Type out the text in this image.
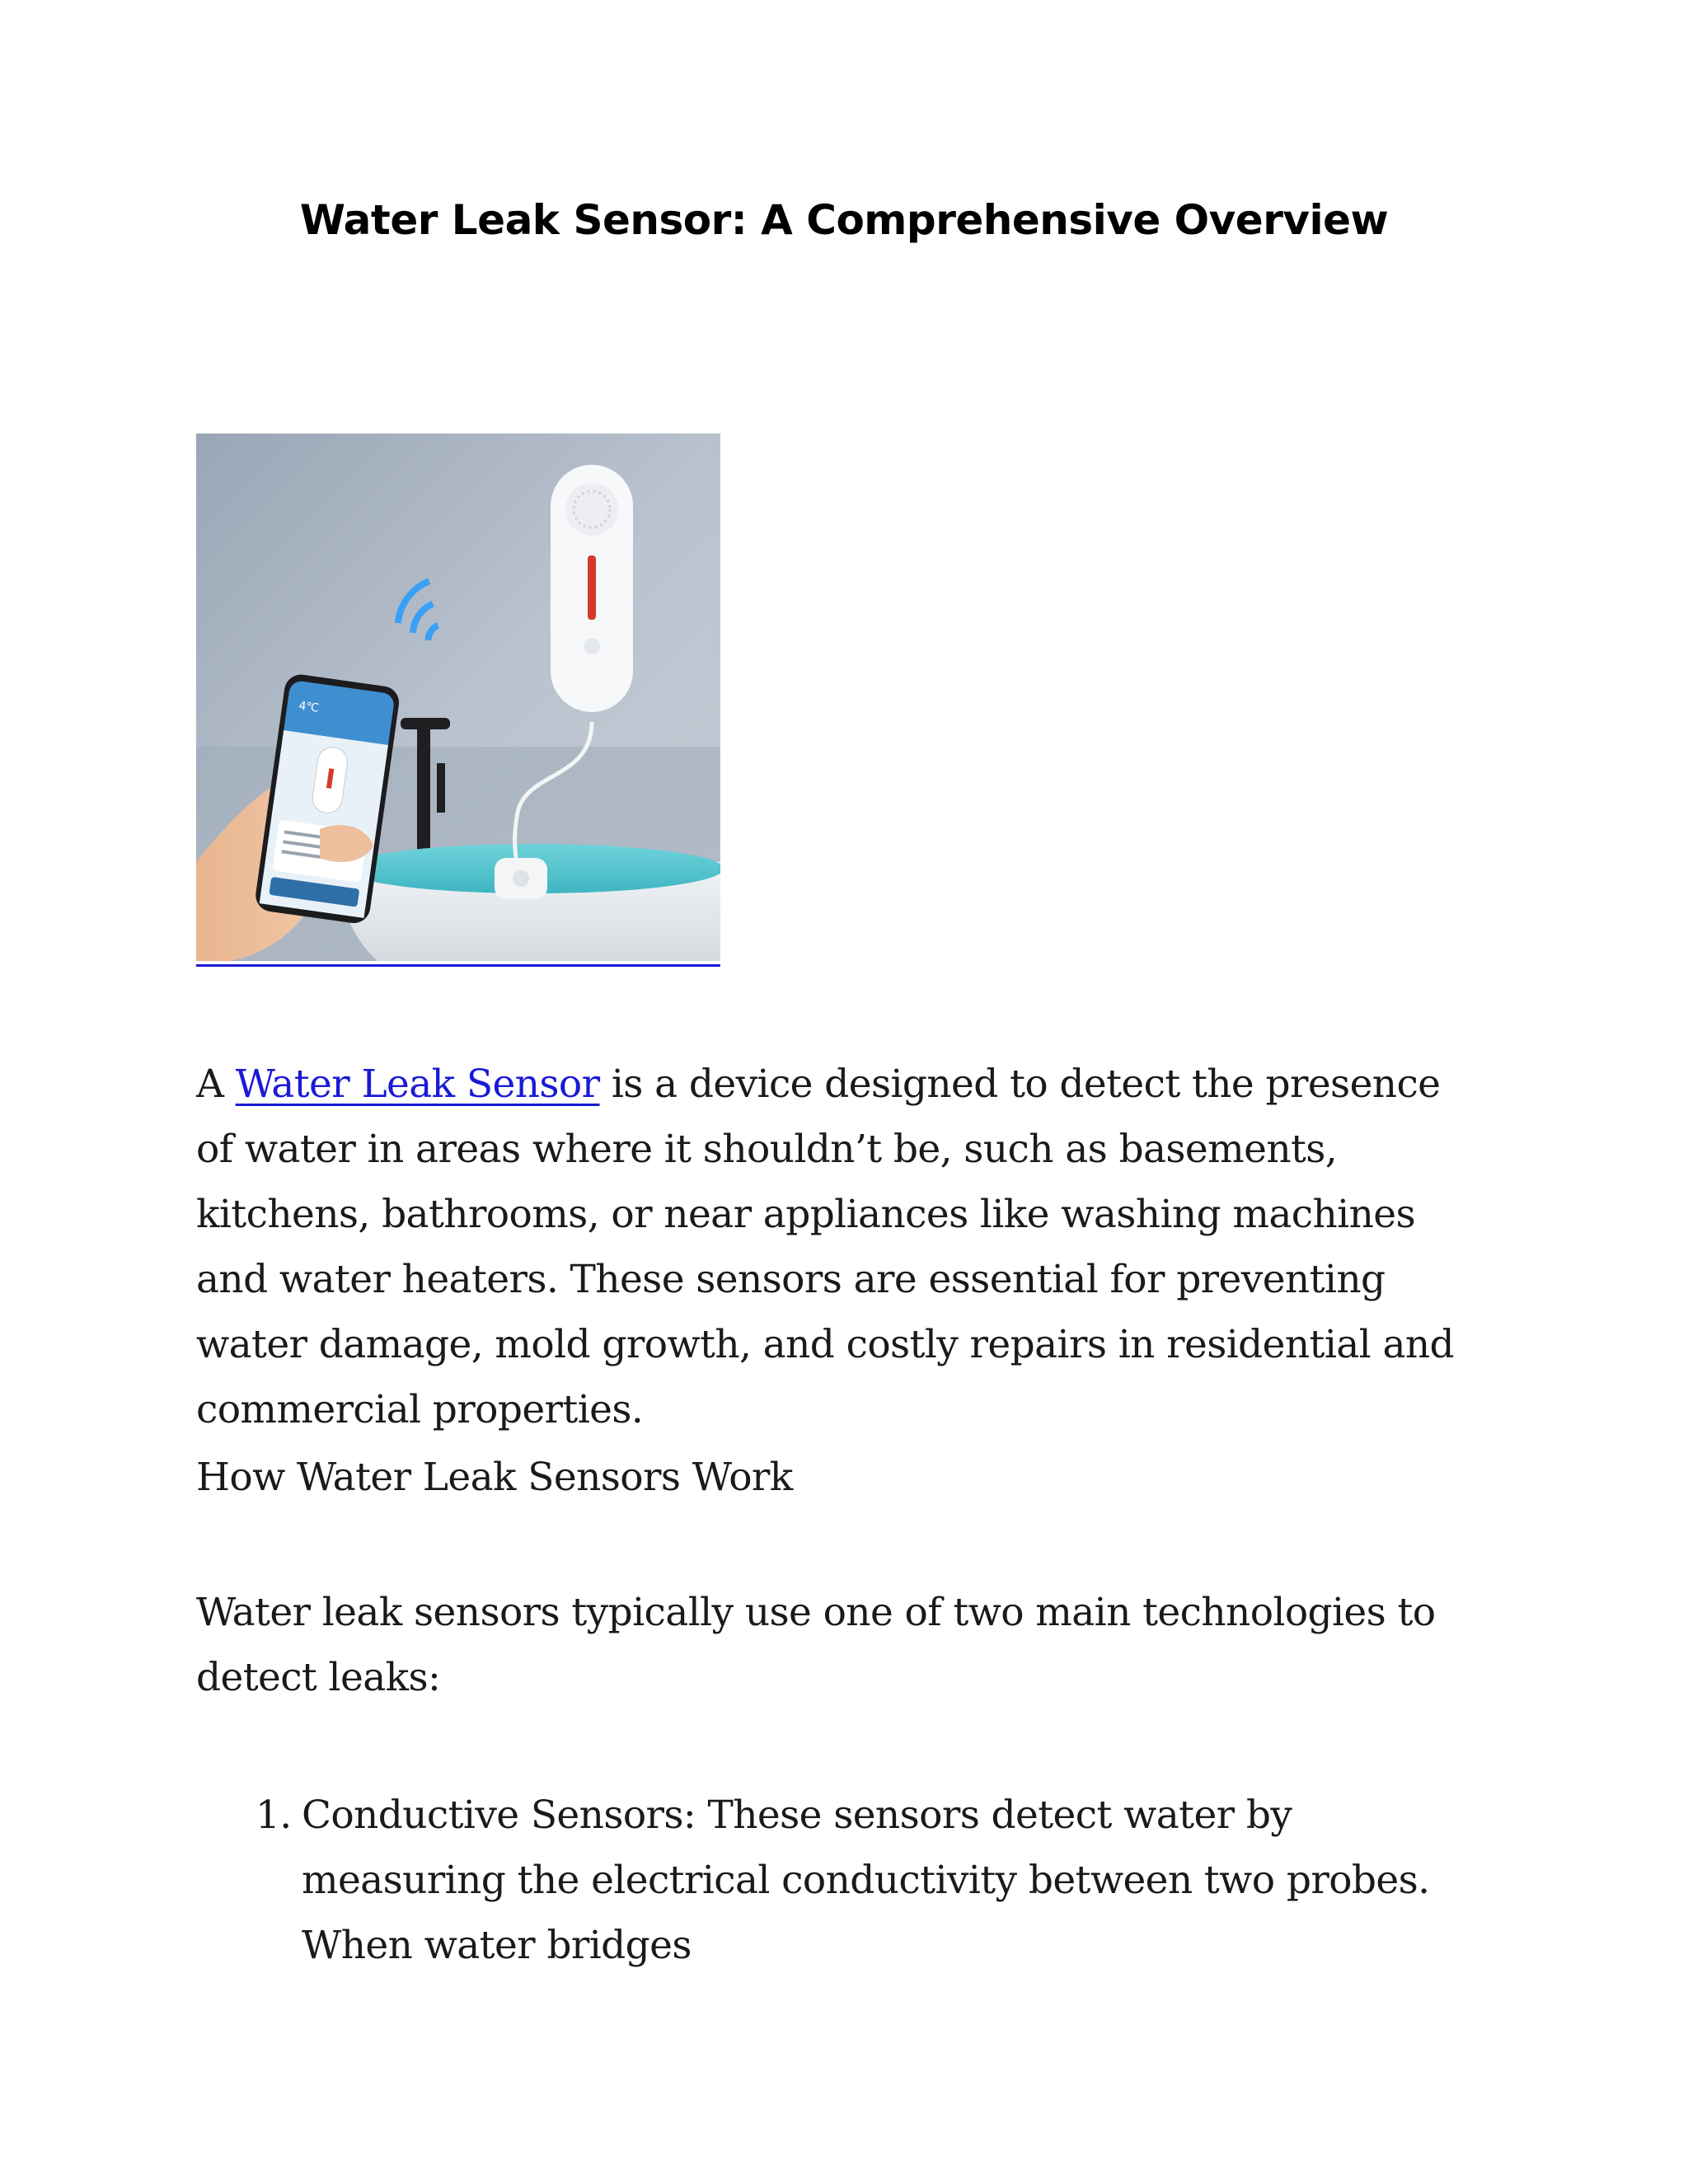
Water Leak Sensor: A Comprehensive Overview
4℃

A Water Leak Sensor is a device designed to detect the presence of water in areas where it shouldn’t be, such as basements, kitchens, bathrooms, or near appliances like washing machines and water heaters. These sensors are essential for preventing water damage, mold growth, and costly repairs in residential and commercial properties.

How Water Leak Sensors Work

Water leak sensors typically use one of two main technologies to detect leaks:

1. Conductive Sensors: These sensors detect water by measuring the electrical conductivity between two probes. When water bridges
